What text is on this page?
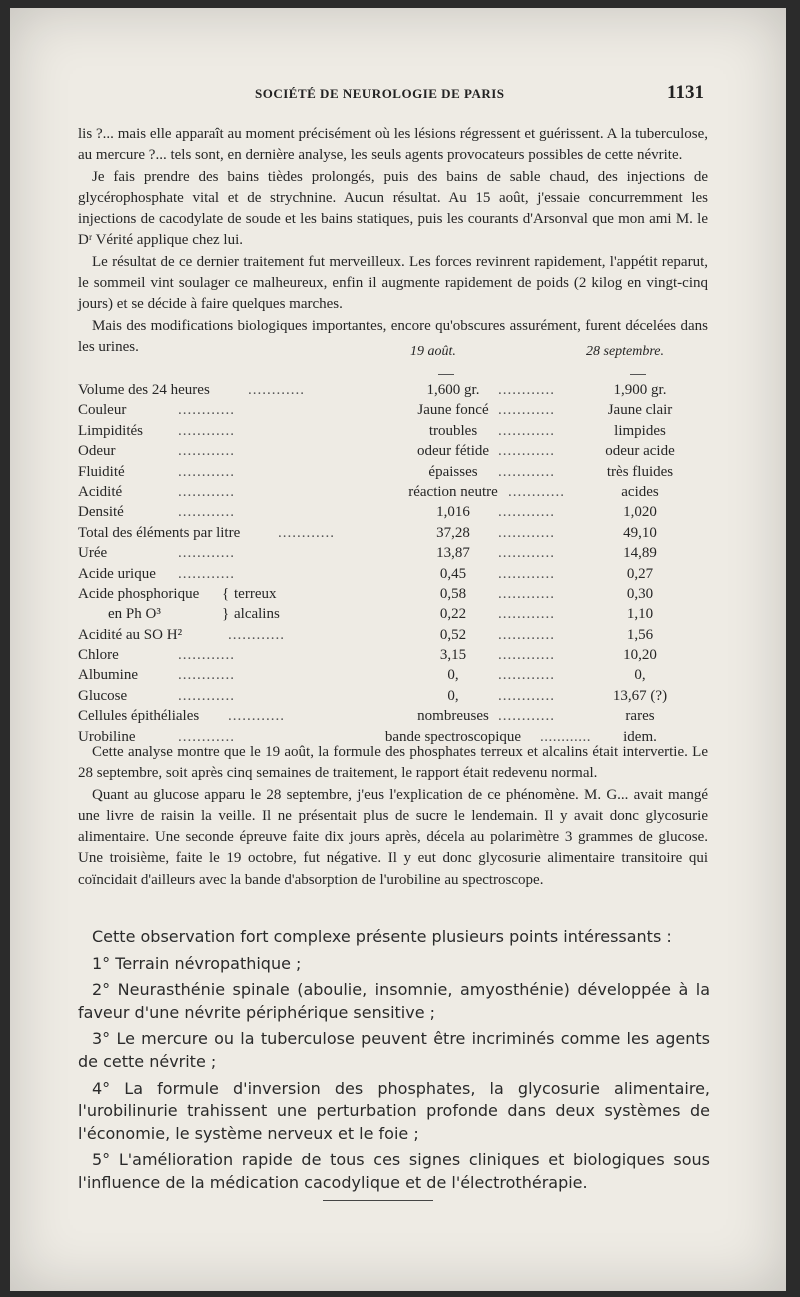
SOCIÉTÉ DE NEUROLOGIE DE PARIS	1131

lis ?... mais elle apparaît au moment précisément où les lésions régressent et guérissent. A la tuberculose, au mercure ?... tels sont, en dernière analyse, les seuls agents provocateurs possibles de cette névrite.

Je fais prendre des bains tièdes prolongés, puis des bains de sable chaud, des injections de glycérophosphate vital et de strychnine. Aucun résultat. Au 15 août, j'essaie concurremment les injections de cacodylate de soude et les bains statiques, puis les courants d'Arsonval que mon ami M. le Dʳ Vérité applique chez lui.

Le résultat de ce dernier traitement fut merveilleux. Les forces revinrent rapidement, l'appétit reparut, le sommeil vint soulager ce malheureux, enfin il augmente rapidement de poids (2 kilog en vingt-cinq jours) et se décide à faire quelques marches.

Mais des modifications biologiques importantes, encore qu'obscures assurément, furent décelées dans les urines.	19 août.	28 septembre.
Volume des 24 heures	............	1,600 gr.	............	1,900 gr.
Couleur	............	Jaune foncé ............	Jaune clair
Limpidités ............	troubles	............	limpides
Odeur	............	odeur fétide ............	odeur acide
Fluidité	............	épaisses	............	très fluides
Acidité	............	réaction neutre ............	acides
Densité	............	1,016	............	1,020
Total des éléments par litre	............	37,28	............	49,10
Urée	............	13,87	............	14,89
Acide urique ............	0,45	............	0,27
Acide phosphorique { terreux	0,58	............	0,30
en Ph O³	} alcalins	0,22	............	1,10
Acidité au SO H²	............	0,52	............	1,56
Chlore	............	3,15	............	10,20
Albumine	............	0,	............	0,
Glucose	............	0,	............	13,67 (?)
Cellules épithéliales ............	nombreuses ............	rares
Urobiline	............	bande spectroscopique	............	idem.

Cette analyse montre que le 19 août, la formule des phosphates terreux et alcalins était intervertie. Le 28 septembre, soit après cinq semaines de traitement, le rapport était redevenu normal.

Quant au glucose apparu le 28 septembre, j'eus l'explication de ce phénomène. M. G... avait mangé une livre de raisin la veille. Il ne présentait plus de sucre le lendemain. Il y avait donc glycosurie alimentaire. Une seconde épreuve faite dix jours après, décela au polarimètre 3 grammes de glucose. Une troisième, faite le 19 octobre, fut négative. Il y eut donc glycosurie alimentaire transitoire qui coïncidait d'ailleurs avec la bande d'absorption de l'urobiline au spectroscope.

Cette observation fort complexe présente plusieurs points intéressants :

1° Terrain névropathique ;

2° Neurasthénie spinale (aboulie, insomnie, amyosthénie) développée à la faveur d'une névrite périphérique sensitive ;

3° Le mercure ou la tuberculose peuvent être incriminés comme les agents de cette névrite ;

4° La formule d'inversion des phosphates, la glycosurie alimentaire, l'urobilinurie trahissent une perturbation profonde dans deux systèmes de l'économie, le système nerveux et le foie ;

5° L'amélioration rapide de tous ces signes cliniques et biologiques sous l'influence de la médication cacodylique et de l'électrothérapie.
